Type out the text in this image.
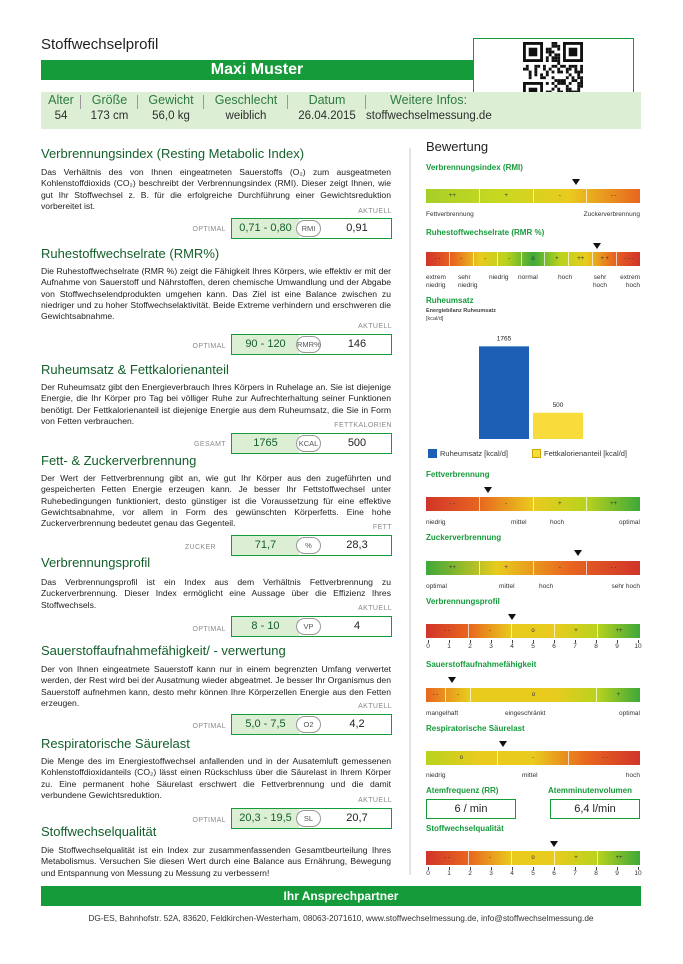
Stoffwechselprofil
Maxi Muster
Alter
54
Größe
173 cm
Gewicht
56,0 kg
Geschlecht
weiblich
Datum
26.04.2015
Weitere Infos:
stoffwechselmessung.de
Verbrennungsindex (Resting Metabolic Index)
Das Verhältnis des von Ihnen eingeatmeten Sauerstoffs (O₂) zum ausgeatmeten Kohlenstoffdioxids (CO₂) beschreibt der Verbrennungsindex (RMI). Dieser zeigt Ihnen, wie gut Ihr Stoffwechsel z. B. für die erfolgreiche Durchführung einer Gewichtsreduktion vorbereitet ist.
AKTUELL
OPTIMAL	0,71 - 0,80	RMI	0,91
Ruhestoffwechselrate (RMR%)
Die Ruhestoffwechselrate (RMR %) zeigt die Fähigkeit Ihres Körpers, wie effektiv er mit der Aufnahme von Sauerstoff und Nährstoffen, deren chemische Umwandlung und der Abgabe von Stoffwechselendprodukten umgehen kann. Das Ziel ist eine Balance zwischen zu niedriger und zu hoher Stoffwechselaktivität. Beide Extreme verhindern und erschweren die Gewichtsabnahme.
AKTUELL
OPTIMAL	90 - 120	RMR%	146
Ruheumsatz & Fettkalorienanteil
Der Ruheumsatz gibt den Energieverbrauch Ihres Körpers in Ruhelage an. Sie ist diejenige Energie, die Ihr Körper pro Tag bei völliger Ruhe zur Aufrechterhaltung seiner Funktionen benötigt. Der Fettkalorienanteil ist diejenige Energie aus dem Ruheumsatz, die Sie in Form von Fetten verbrauchen.	FETTKALORIEN
GESAMT	1765	KCAL	500
Fett- & Zuckerverbrennung
Der Wert der Fettverbrennung gibt an, wie gut Ihr Körper aus den zugeführten und gespeicherten Fetten Energie erzeugen kann. Je besser Ihr Fettstoffwechsel unter Ruhebedingungen funktioniert, desto günstiger ist die Voraussetzung für eine effektive Gewichtsabnahme, vor allem in Form des gewünschten Körperfetts. Eine hohe Zuckerverbrennung bedeutet genau das Gegenteil.	FETT
ZUCKER	71,7	%	28,3
Verbrennungsprofil
Das Verbrennungsprofil ist ein Index aus dem Verhältnis Fettverbrennung zu Zuckerverbrennung. Dieser Index ermöglicht eine Aussage über die Effizienz Ihres Stoffwechsels.	AKTUELL
OPTIMAL	8 - 10	VP	4
Sauerstoffaufnahmefähigkeit/ - verwertung
Der von Ihnen eingeatmete Sauerstoff kann nur in einem begrenzten Umfang verwertet werden, der Rest wird bei der Ausatmung wieder abgeatmet. Je besser Ihr Organismus den Sauerstoff aufnehmen kann, desto mehr können Ihre Körperzellen Energie aus den Fetten erzeugen.	AKTUELL
OPTIMAL	5,0 - 7,5	O2	4,2
Respiratorische Säurelast
Die Menge des im Energiestoffwechsel anfallenden und in der Ausatemluft gemessenen Kohlenstoffdioxidanteils (CO₂) lässt einen Rückschluss über die Säurelast in Ihrem Körper zu. Eine permanent hohe Säurelast erschwert die Fettverbrennung und die damit verbundene Gewichtsreduktion.
AKTUELL
OPTIMAL	20,3 - 19,5	SL	20,7
Stoffwechselqualität
Die Stoffwechselqualität ist ein Index zur zusammenfassenden Gesamtbeurteilung Ihres Metabolismus. Versuchen Sie diesen Wert durch eine Balance aus Ernährung, Bewegung und Entspannung von Messung zu Messung zu verbessern!
Bewertung
Verbrennungsindex (RMI)
++	+	-	- -
Fettverbrennung	Zuckerverbrennung
Ruhestoffwechselrate (RMR %)
- -	-	-	-	o	+	++	+ +	- - -
extrem niedrig
sehr niedrig
niedrig normal	hoch	sehr hoch
extrem hoch
Ruheumsatz
Energiebilanz Ruheumsatz
[kcal/d]
1765
500
Ruheumsatz [kcal/d]	Fettkalorienanteil [kcal/d]
Fettverbrennung
- -	-	+	++
niedrig	mittel	hoch	optimal
Zuckerverbrennung
++	+	-	- -
optimal	mittel	hoch	sehr hoch
Verbrennungsprofil
- -	-	o	+	++
0	1	2	3	4	5	6	7	8	9 10
Sauerstoffaufnahmefähigkeit
- -	-	o	+
mangelhaft	eingeschränkt	optimal
Respiratorische Säurelast
o	-	- -
niedrig	mittel	hoch
Atemfrequenz (RR)	Atemminutenvolumen
6 / min	6,4 l/min
Stoffwechselqualität
- -	-	o	+	++
0	1	2	3	4	5	6	7	8	9 10
Ihr Ansprechpartner
DG-ES, Bahnhofstr. 52A, 83620, Feldkirchen-Westerham, 08063-2071610, www.stoffwechselmessung.de, info@stoffwechselmessung.de
